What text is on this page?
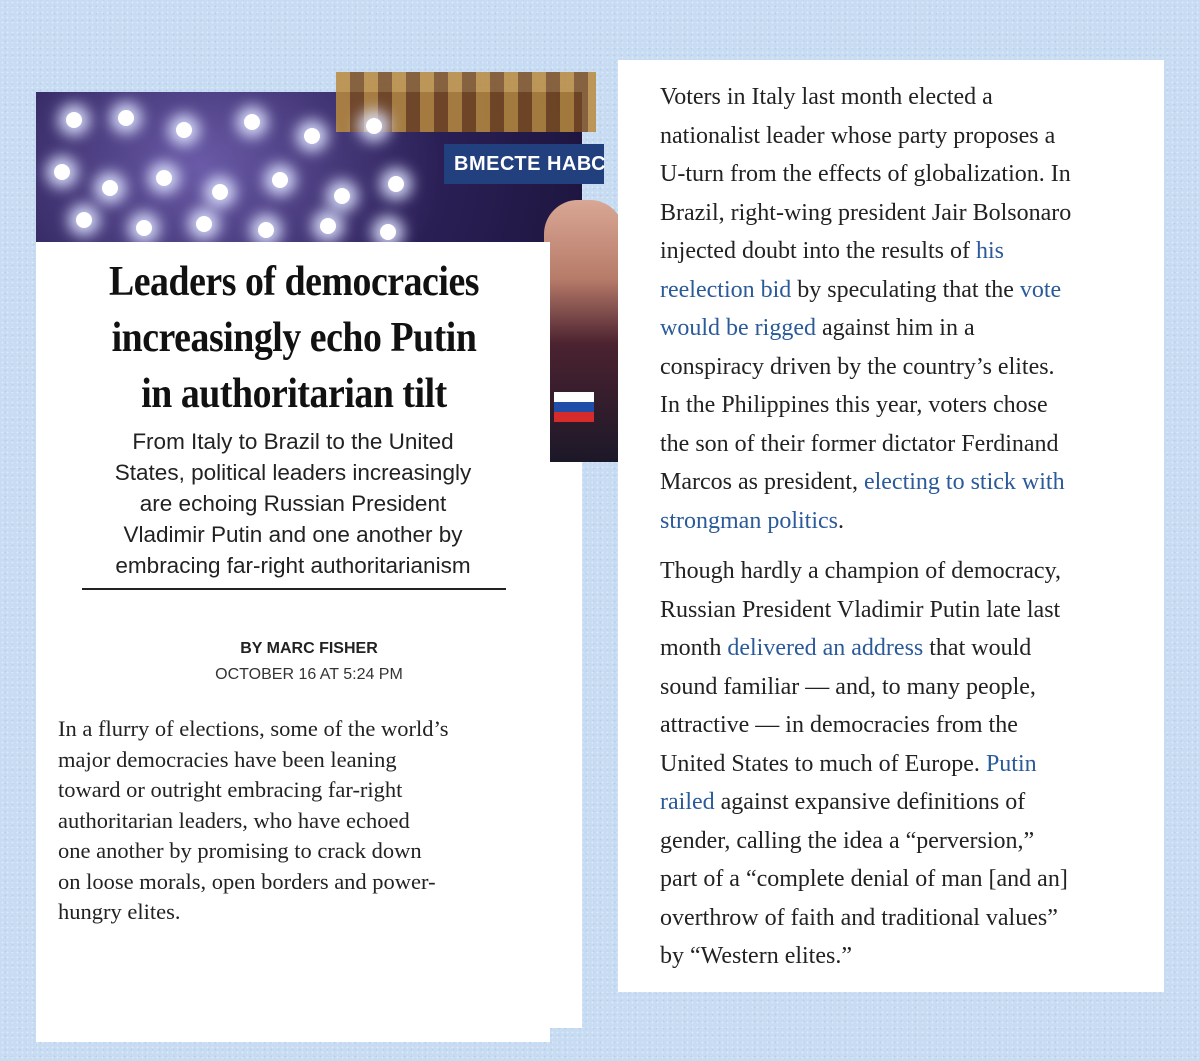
ВМЕСТЕ НАВС
Leaders of democracies
increasingly echo Putin
in authoritarian tilt
From Italy to Brazil to the United
States, political leaders increasingly
are echoing Russian President
Vladimir Putin and one another by
embracing far-right authoritarianism
BY MARC FISHER
OCTOBER 16 AT 5:24 PM
In a flurry of elections, some of the world’s
major democracies have been leaning
toward or outright embracing far-right
authoritarian leaders, who have echoed
one another by promising to crack down
on loose morals, open borders and power-
hungry elites.

Voters in Italy last month elected a
nationalist leader whose party proposes a
U-turn from the effects of globalization. In
Brazil, right-wing president Jair Bolsonaro
injected doubt into the results of his
reelection bid by speculating that the vote
would be rigged against him in a
conspiracy driven by the country’s elites.
In the Philippines this year, voters chose
the son of their former dictator Ferdinand
Marcos as president, electing to stick with
strongman politics.

Though hardly a champion of democracy,
Russian President Vladimir Putin late last
month delivered an address that would
sound familiar — and, to many people,
attractive — in democracies from the
United States to much of Europe. Putin
railed against expansive definitions of
gender, calling the idea a “perversion,”
part of a “complete denial of man [and an]
overthrow of faith and traditional values”
by “Western elites.”
